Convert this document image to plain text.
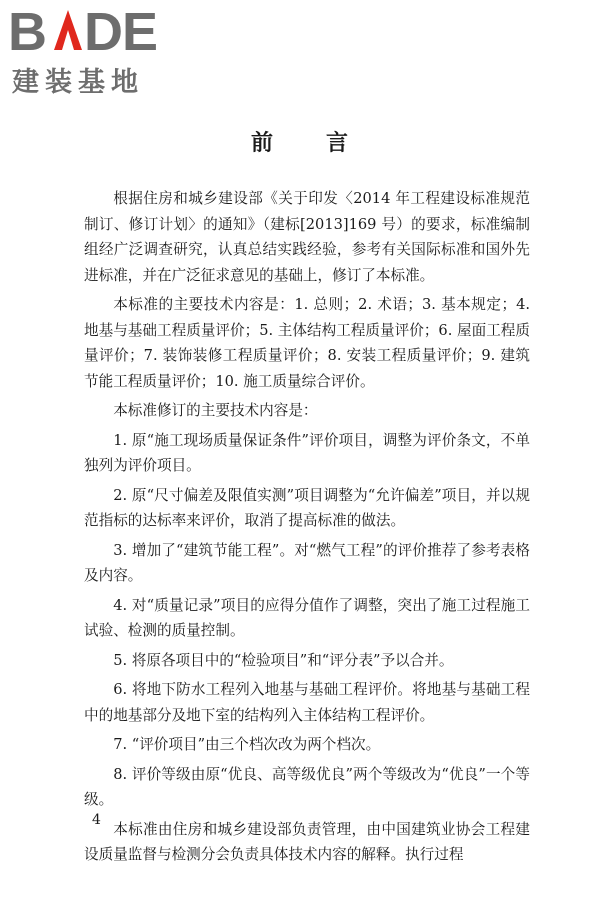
B DE
建装基地
前 言

根据住房和城乡建设部《关于印发〈2014 年工程建设标准规范制订、修订计划〉的通知》（建标[2013]169 号）的要求，标准编制组经广泛调查研究，认真总结实践经验，参考有关国际标准和国外先进标准，并在广泛征求意见的基础上，修订了本标准。

本标准的主要技术内容是：1. 总则；2. 术语；3. 基本规定；4. 地基与基础工程质量评价；5. 主体结构工程质量评价；6. 屋面工程质量评价；7. 装饰装修工程质量评价；8. 安装工程质量评价；9. 建筑节能工程质量评价；10. 施工质量综合评价。

本标准修订的主要技术内容是：

1. 原“施工现场质量保证条件”评价项目，调整为评价条文，不单独列为评价项目。

2. 原“尺寸偏差及限值实测”项目调整为“允许偏差”项目，并以规范指标的达标率来评价，取消了提高标准的做法。

3. 增加了“建筑节能工程”。对“燃气工程”的评价推荐了参考表格及内容。

4. 对“质量记录”项目的应得分值作了调整，突出了施工过程施工试验、检测的质量控制。

5. 将原各项目中的“检验项目”和“评分表”予以合并。

6. 将地下防水工程列入地基与基础工程评价。将地基与基础工程中的地基部分及地下室的结构列入主体结构工程评价。

7. “评价项目”由三个档次改为两个档次。

8. 评价等级由原“优良、高等级优良”两个等级改为“优良”一个等级。

本标准由住房和城乡建设部负责管理，由中国建筑业协会工程建设质量监督与检测分会负责具体技术内容的解释。执行过程

4
